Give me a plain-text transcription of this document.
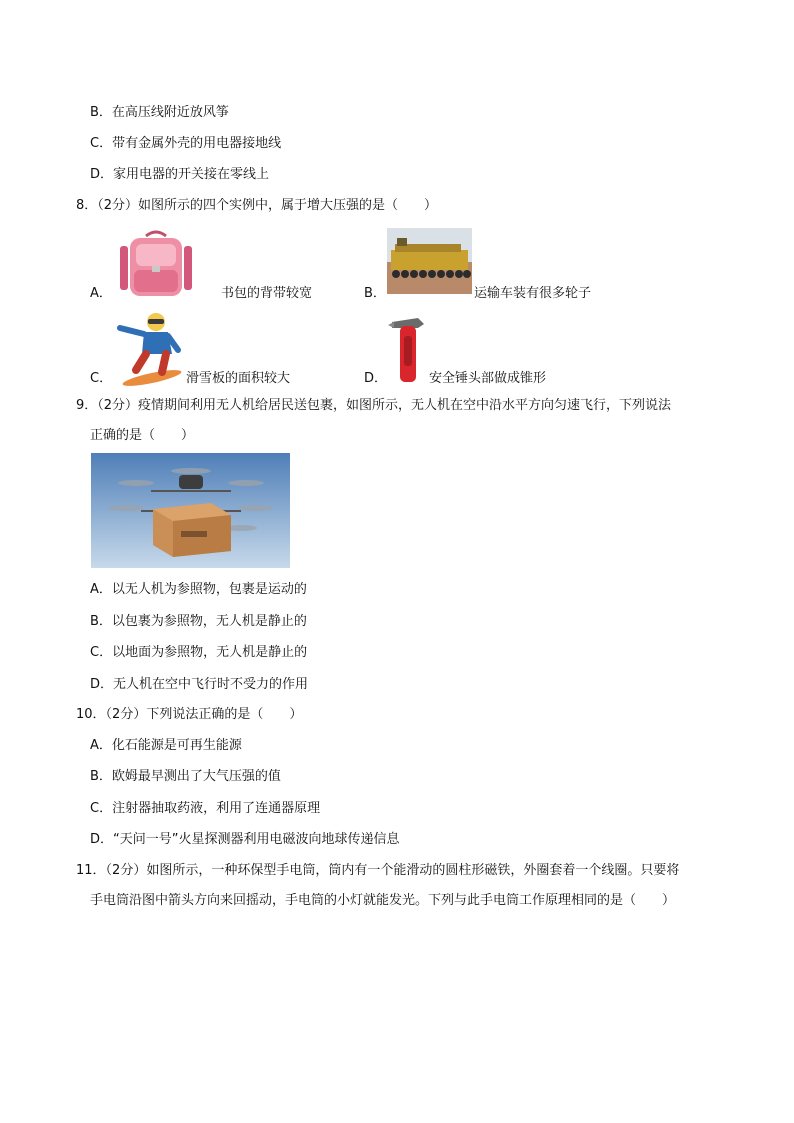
B．在高压线附近放风筝
C．带有金属外壳的用电器接地线
D．家用电器的开关接在零线上
8．（2分）如图所示的四个实例中，属于增大压强的是（　　）
A．	书包的背带较宽	B．	运输车装有很多轮子
C．	滑雪板的面积较大	D．	安全锤头部做成锥形
9．（2分）疫情期间利用无人机给居民送包裹，如图所示，无人机在空中沿水平方向匀速飞行，下列说法
正确的是（　　）
A．以无人机为参照物，包裹是运动的
B．以包裹为参照物，无人机是静止的
C．以地面为参照物，无人机是静止的
D．无人机在空中飞行时不受力的作用
10．（2分）下列说法正确的是（　　）
A．化石能源是可再生能源
B．欧姆最早测出了大气压强的值
C．注射器抽取药液，利用了连通器原理
D．“天问一号”火星探测器利用电磁波向地球传递信息
11．（2分）如图所示，一种环保型手电筒，筒内有一个能滑动的圆柱形磁铁，外圈套着一个线圈。只要将
手电筒沿图中箭头方向来回摇动，手电筒的小灯就能发光。下列与此手电筒工作原理相同的是（　　）
